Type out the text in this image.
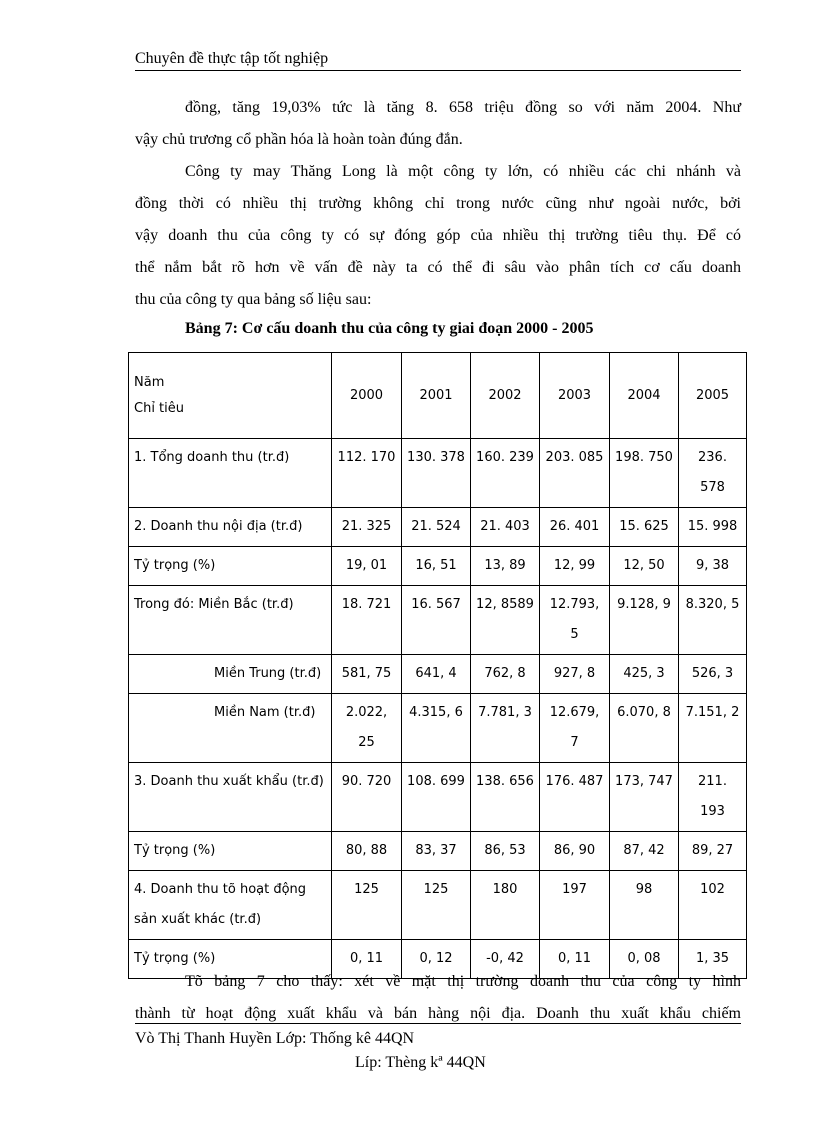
Chuyên đề thực tập tốt nghiệp
đồng, tăng 19,03% tức là tăng 8. 658 triệu đồng so với năm 2004. Như
vậy chủ trương cổ phần hóa là hoàn toàn đúng đắn.
Công ty may Thăng Long là một công ty lớn, có nhiều các chi nhánh và
đồng thời có nhiều thị trường không chỉ trong nước cũng như ngoài nước, bởi
vậy doanh thu của công ty có sự đóng góp của nhiều thị trường tiêu thụ. Để có
thể nắm bắt rõ hơn về vấn đề này ta có thể đi sâu vào phân tích cơ cấu doanh
thu của công ty qua bảng số liệu sau:
Bảng 7: Cơ cấu doanh thu của công ty giai đoạn 2000 - 2005
Năm
Chỉ tiêu	2000	2001	2002	2003	2004	2005
1. Tổng doanh thu (tr.đ)	112. 170	130. 378	160. 239	203. 085	198. 750	236. 578
2. Doanh thu nội địa (tr.đ)	21. 325	21. 524	21. 403	26. 401	15. 625	15. 998
Tỷ trọng (%)	19, 01	16, 51	13, 89	12, 99	12, 50	9, 38
Trong đó: Miền Bắc (tr.đ)	18. 721	16. 567	12, 8589	12.793, 5	9.128, 9	8.320, 5
Miền Trung (tr.đ)	581, 75	641, 4	762, 8	927, 8	425, 3	526, 3
Miền Nam (tr.đ)	2.022, 25	4.315, 6	7.781, 3	12.679, 7	6.070, 8	7.151, 2
3. Doanh thu xuất khẩu (tr.đ)	90. 720	108. 699	138. 656	176. 487	173, 747	211. 193
Tỷ trọng (%)	80, 88	83, 37	86, 53	86, 90	87, 42	89, 27
4. Doanh thu tõ hoạt động sản xuất khác (tr.đ)	125	125	180	197	98	102
Tỷ trọng (%)	0, 11	0, 12	-0, 42	0, 11	0, 08	1, 35
Tõ bảng 7 cho thấy: xét về mặt thị trường doanh thu của công ty hình
thành từ hoạt động xuất khẩu và bán hàng nội địa. Doanh thu xuất khẩu chiếm
Vò Thị Thanh Huyền Lớp: Thống kê 44QN
Líp: Thèng kª 44QN
